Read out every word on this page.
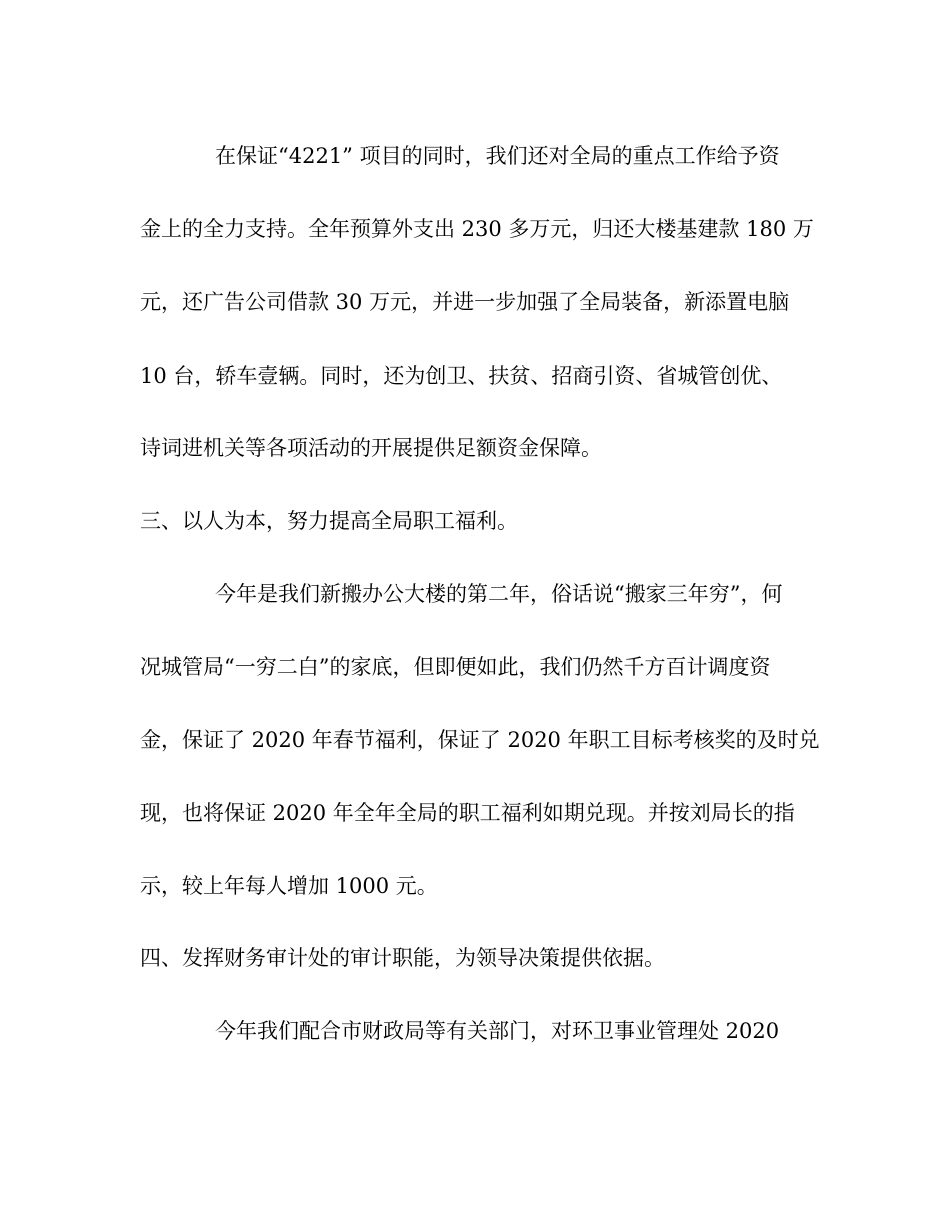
在保证“4221” 项目的同时，我们还对全局的重点工作给予资
金上的全力支持。全年预算外支出 230 多万元，归还大楼基建款 180 万
元，还广告公司借款 30 万元，并进一步加强了全局装备，新添置电脑
10 台，轿车壹辆。同时，还为创卫、扶贫、招商引资、省城管创优、
诗词进机关等各项活动的开展提供足额资金保障。
三、以人为本，努力提高全局职工福利。
今年是我们新搬办公大楼的第二年，俗话说“搬家三年穷”，何
况城管局“一穷二白”的家底，但即便如此，我们仍然千方百计调度资
金，保证了 2020 年春节福利，保证了 2020 年职工目标考核奖的及时兑
现，也将保证 2020 年全年全局的职工福利如期兑现。并按刘局长的指
示，较上年每人增加 1000 元。
四、发挥财务审计处的审计职能，为领导决策提供依据。
今年我们配合市财政局等有关部门，对环卫事业管理处 2020
